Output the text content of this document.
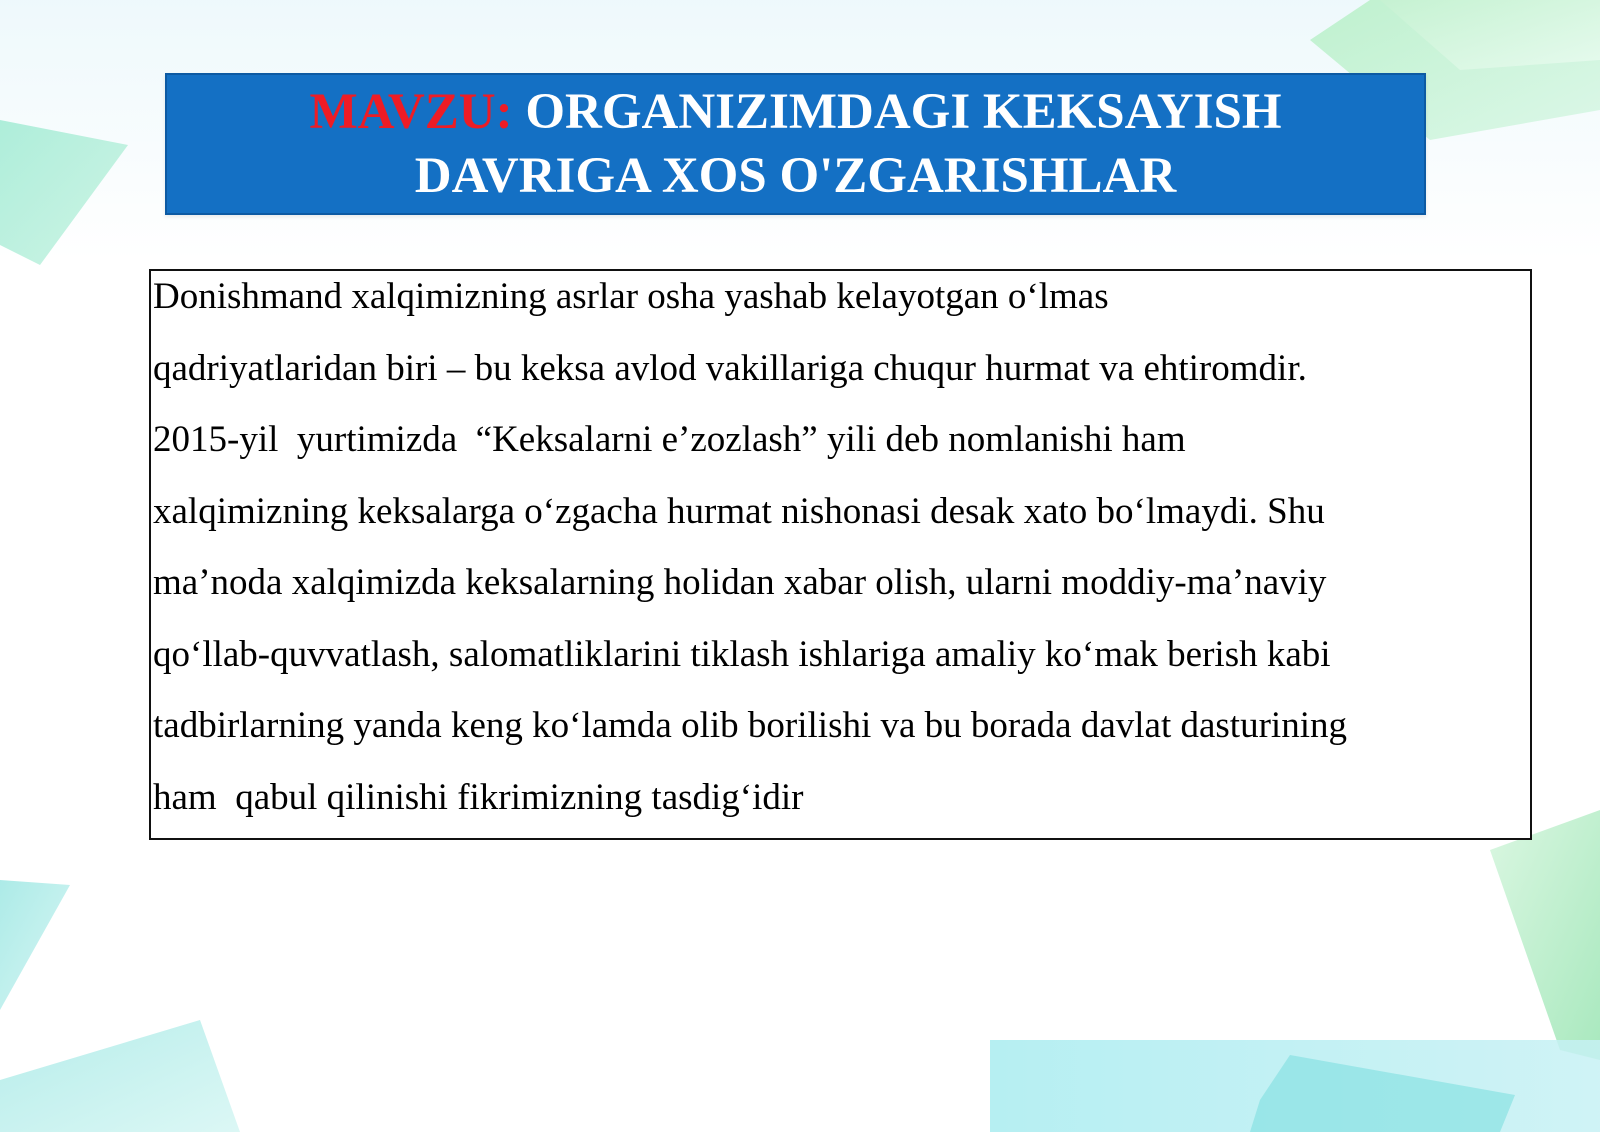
MAVZU: ORGANIZIMDAGI KEKSAYISH
DAVRIGA XOS O'ZGARISHLAR

Donishmand xalqimizning asrlar osha yashab kelayotgan o‘lmas
qadriyatlaridan biri – bu keksa avlod vakillariga chuqur hurmat va ehtiromdir.
2015-yil  yurtimizda  “Keksalarni e’zozlash” yili deb nomlanishi ham
xalqimizning keksalarga o‘zgacha hurmat nishonasi desak xato bo‘lmaydi. Shu
ma’noda xalqimizda keksalarning holidan xabar olish, ularni moddiy-ma’naviy
qo‘llab-quvvatlash, salomatliklarini tiklash ishlariga amaliy ko‘mak berish kabi
tadbirlarning yanda keng ko‘lamda olib borilishi va bu borada davlat dasturining
ham  qabul qilinishi fikrimizning tasdig‘idir
